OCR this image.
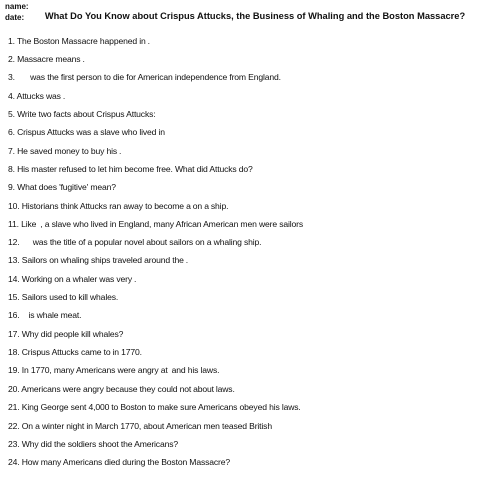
name:
date:	What Do You Know about Crispus Attucks, the Business of Whaling and the Boston Massacre?
1. The Boston Massacre happened in .
2. Massacre means .
3. was the first person to die for American independence from England.
4. Attucks was .
5. Write two facts about Crispus Attucks:
6. Crispus Attucks was a slave who lived in
7. He saved money to buy his .
8. His master refused to let him become free. What did Attucks do?
9. What does 'fugitive' mean?
10. Historians think Attucks ran away to become a on a ship.
11. Like , a slave who lived in England, many African American men were sailors
12. was the title of a popular novel about sailors on a whaling ship.
13. Sailors on whaling ships traveled around the .
14. Working on a whaler was very .
15. Sailors used to kill whales.
16. is whale meat.
17. Why did people kill whales?
18. Crispus Attucks came to in 1770.
19. In 1770, many Americans were angry at and his laws.
20. Americans were angry because they could not about laws.
21. King George sent 4,000 to Boston to make sure Americans obeyed his laws.
22. On a winter night in March 1770, about American men teased British
23. Why did the soldiers shoot the Americans?
24. How many Americans died during the Boston Massacre?
